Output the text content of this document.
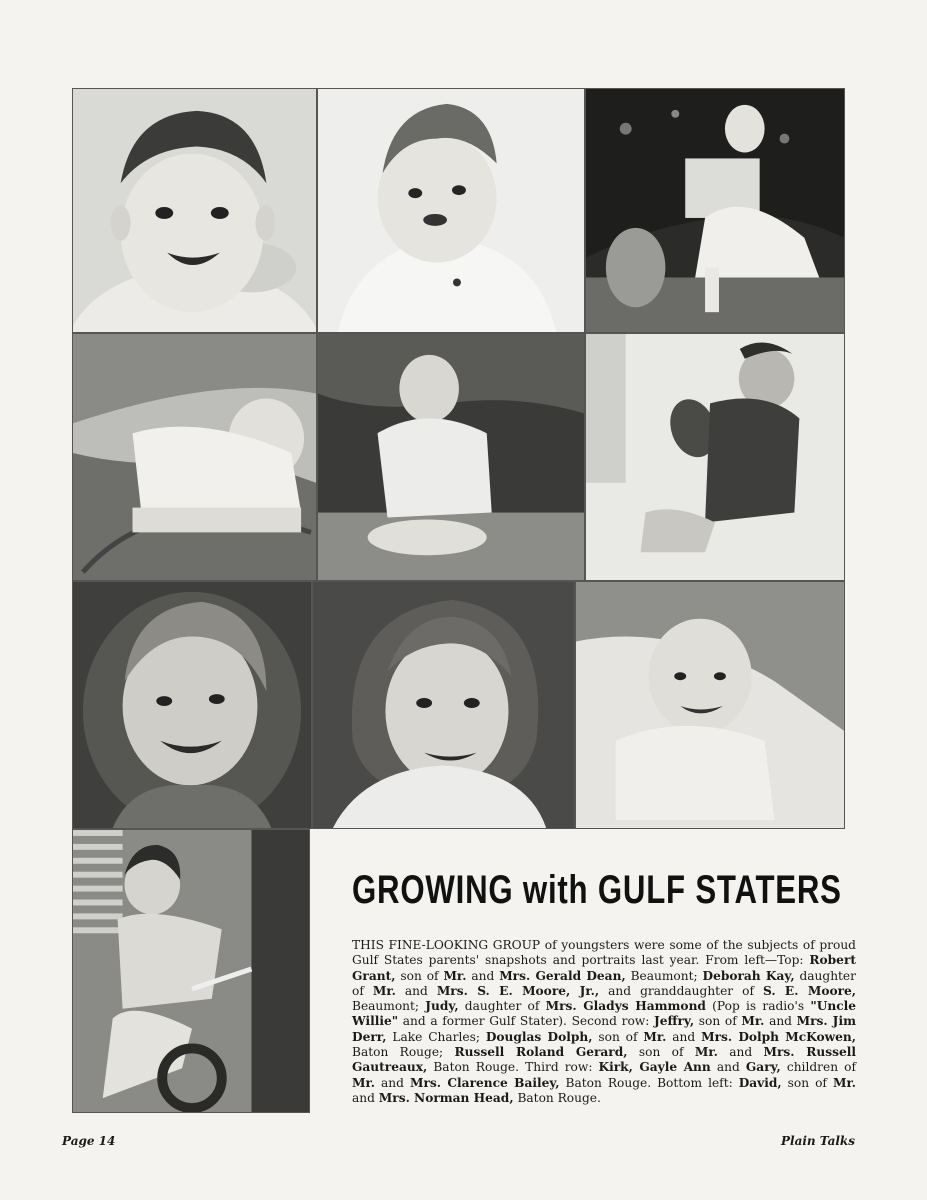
GROWING with GULF STATERS
THIS FINE-LOOKING GROUP of youngsters were some of the subjects of proud Gulf States parents' snapshots and portraits last year. From left—Top: Robert Grant, son of Mr. and Mrs. Gerald Dean, Beaumont; Deborah Kay, daughter of Mr. and Mrs. S. E. Moore, Jr., and granddaughter of S. E. Moore, Beaumont; Judy, daughter of Mrs. Gladys Hammond (Pop is radio's "Uncle Willie" and a former Gulf Stater). Second row: Jeffry, son of Mr. and Mrs. Jim Derr, Lake Charles; Douglas Dolph, son of Mr. and Mrs. Dolph McKowen, Baton Rouge; Russell Roland Gerard, son of Mr. and Mrs. Russell Gautreaux, Baton Rouge. Third row: Kirk, Gayle Ann and Gary, children of Mr. and Mrs. Clarence Bailey, Baton Rouge. Bottom left: David, son of Mr. and Mrs. Norman Head, Baton Rouge.
Page 14	Plain Talks
